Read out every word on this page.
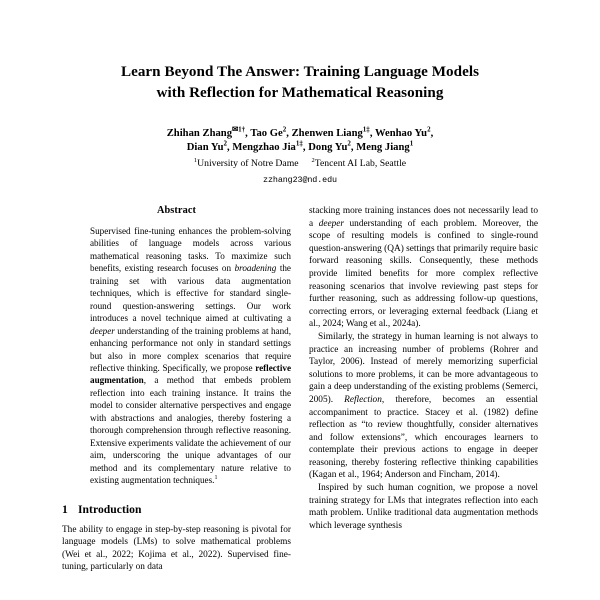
Learn Beyond The Answer: Training Language Models
with Reflection for Mathematical Reasoning
Zhihan Zhang$^{✉1\dagger}$, Tao Ge$^2$, Zhenwen Liang$^{1\ddagger}$, Wenhao Yu$^2$,
Dian Yu$^2$, Mengzhao Jia$^{1\ddagger}$, Dong Yu$^2$, Meng Jiang$^1$
$^1$University of Notre Dame $^2$Tencent AI Lab, Seattle
zzhang23@nd.edu
Abstract

Supervised fine-tuning enhances the problem-solving abilities of language models across various mathematical reasoning tasks. To maximize such benefits, existing research focuses on broadening the training set with various data augmentation techniques, which is effective for standard single-round question-answering settings. Our work introduces a novel technique aimed at cultivating a deeper understanding of the training problems at hand, enhancing performance not only in standard settings but also in more complex scenarios that require reflective thinking. Specifically, we propose reflective augmentation, a method that embeds problem reflection into each training instance. It trains the model to consider alternative perspectives and engage with abstractions and analogies, thereby fostering a thorough comprehension through reflective reasoning. Extensive experiments validate the achievement of our aim, underscoring the unique advantages of our method and its complementary nature relative to existing augmentation techniques.$^1$

1 Introduction

The ability to engage in step-by-step reasoning is pivotal for language models (LMs) to solve mathematical problems (Wei et al., 2022; Kojima et al., 2022). Supervised fine-tuning, particularly on data

stacking more training instances does not necessarily lead to a deeper understanding of each problem. Moreover, the scope of resulting models is confined to single-round question-answering (QA) settings that primarily require basic forward reasoning skills. Consequently, these methods provide limited benefits for more complex reflective reasoning scenarios that involve reviewing past steps for further reasoning, such as addressing follow-up questions, correcting errors, or leveraging external feedback (Liang et al., 2024; Wang et al., 2024a).

Similarly, the strategy in human learning is not always to practice an increasing number of problems (Rohrer and Taylor, 2006). Instead of merely memorizing superficial solutions to more problems, it can be more advantageous to gain a deep understanding of the existing problems (Semerci, 2005). Reflection, therefore, becomes an essential accompaniment to practice. Stacey et al. (1982) define reflection as “to review thoughtfully, consider alternatives and follow extensions”, which encourages learners to contemplate their previous actions to engage in deeper reasoning, thereby fostering reflective thinking capabilities (Kagan et al., 1964; Anderson and Fincham, 2014).

Inspired by such human cognition, we propose a novel training strategy for LMs that integrates reflection into each math problem. Unlike traditional data augmentation methods which leverage synthesis
